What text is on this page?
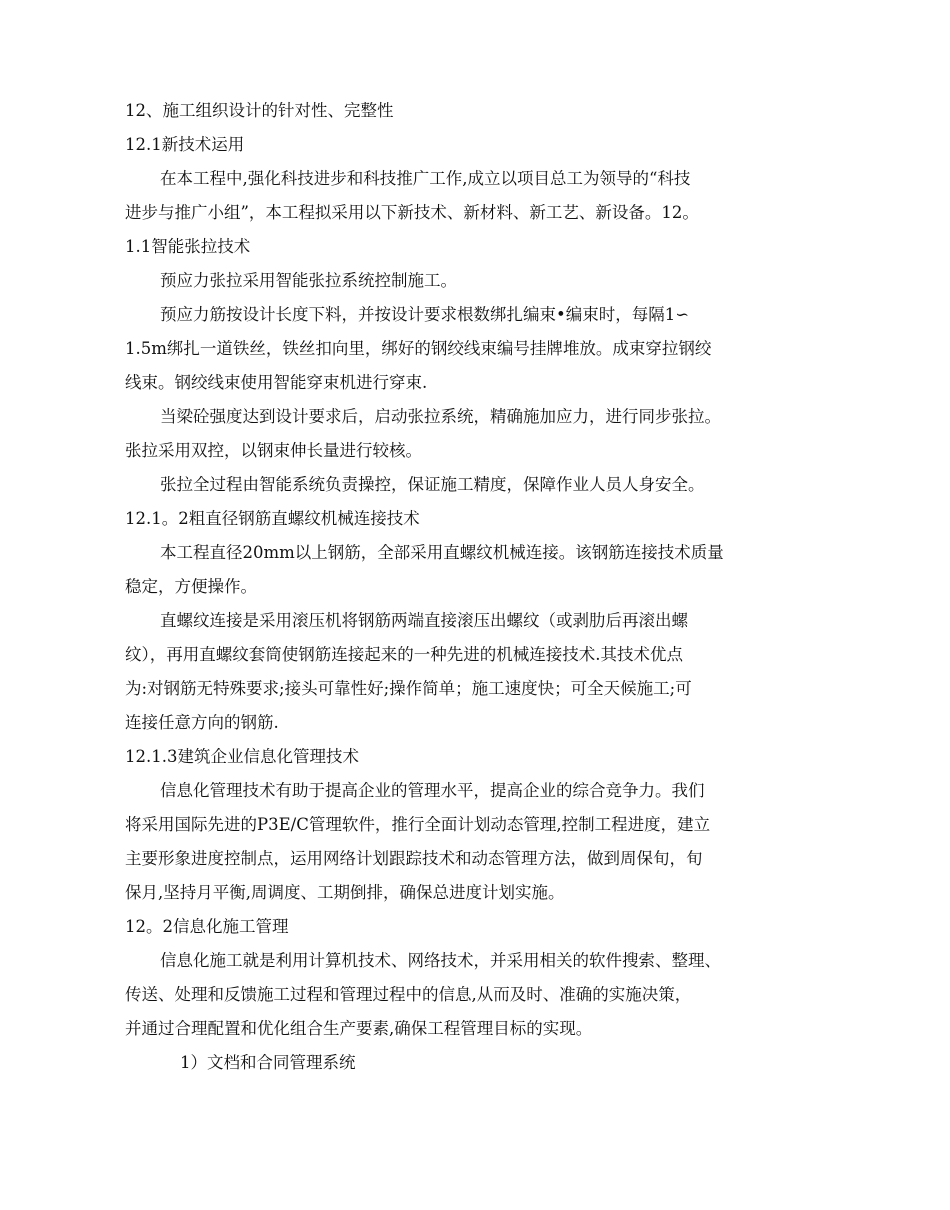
12、施工组织设计的针对性、完整性
12.1新技术运用
在本工程中,强化科技进步和科技推广工作,成立以项目总工为领导的“科技
进步与推广小组”，本工程拟采用以下新技术、新材料、新工艺、新设备。12。
1.1智能张拉技术
预应力张拉采用智能张拉系统控制施工。
预应力筋按设计长度下料，并按设计要求根数绑扎编束•编束时，每隔1∽
1.5m绑扎一道铁丝，铁丝扣向里，绑好的钢绞线束编号挂牌堆放。成束穿拉钢绞
线束。钢绞线束使用智能穿束机进行穿束.
当梁砼强度达到设计要求后，启动张拉系统，精确施加应力，进行同步张拉。
张拉采用双控，以钢束伸长量进行较核。
张拉全过程由智能系统负责操控，保证施工精度，保障作业人员人身安全。
12.1。2粗直径钢筋直螺纹机械连接技术
本工程直径20mm以上钢筋，全部采用直螺纹机械连接。该钢筋连接技术质量
稳定，方便操作。
直螺纹连接是采用滚压机将钢筋两端直接滚压出螺纹（或剥肋后再滚出螺
纹），再用直螺纹套筒使钢筋连接起来的一种先进的机械连接技术.其技术优点
为:对钢筋无特殊要求;接头可靠性好;操作简单；施工速度快；可全天候施工;可
连接任意方向的钢筋.
12.1.3建筑企业信息化管理技术
信息化管理技术有助于提高企业的管理水平，提高企业的综合竞争力。我们
将采用国际先进的P3E/C管理软件，推行全面计划动态管理,控制工程进度，建立
主要形象进度控制点，运用网络计划跟踪技术和动态管理方法，做到周保旬，旬
保月,坚持月平衡,周调度、工期倒排，确保总进度计划实施。
12。2信息化施工管理
信息化施工就是利用计算机技术、网络技术，并采用相关的软件搜索、整理、
传送、处理和反馈施工过程和管理过程中的信息,从而及时、准确的实施决策，
并通过合理配置和优化组合生产要素,确保工程管理目标的实现。
1）文档和合同管理系统
